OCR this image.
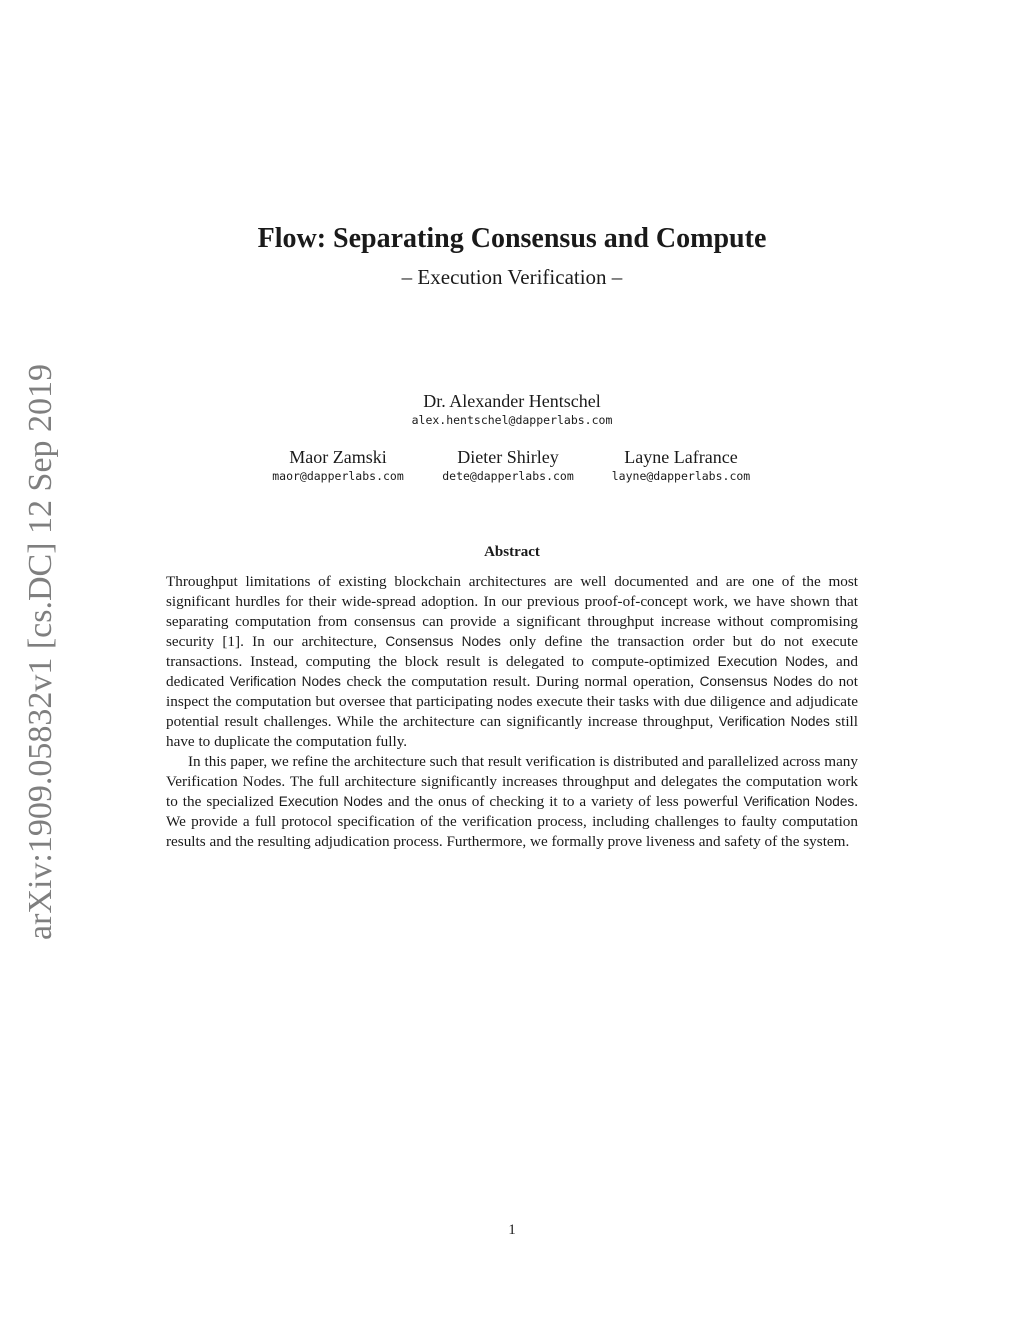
arXiv:1909.05832v1 [cs.DC] 12 Sep 2019
Flow: Separating Consensus and Compute
– Execution Verification –
Dr. Alexander Hentschel
alex.hentschel@dapperlabs.com
Maor Zamski
maor@dapperlabs.com
Dieter Shirley
dete@dapperlabs.com
Layne Lafrance
layne@dapperlabs.com
Abstract

Throughput limitations of existing blockchain architectures are well documented and are one of the most significant hurdles for their wide-spread adoption. In our previous proof-of-concept work, we have shown that separating computation from consensus can provide a significant throughput increase without compromising security [1]. In our architecture, Consensus Nodes only define the transaction order but do not execute transactions. Instead, computing the block result is delegated to compute-optimized Execution Nodes, and dedicated Verification Nodes check the computation result. During normal operation, Consensus Nodes do not inspect the computation but oversee that participating nodes execute their tasks with due diligence and adjudicate potential result challenges. While the architecture can significantly increase throughput, Verification Nodes still have to duplicate the computation fully.

In this paper, we refine the architecture such that result verification is distributed and parallelized across many Verification Nodes. The full architecture significantly increases throughput and delegates the computation work to the specialized Execution Nodes and the onus of checking it to a variety of less powerful Verification Nodes. We provide a full protocol specification of the verification process, including challenges to faulty computation results and the resulting adjudication process. Furthermore, we formally prove liveness and safety of the system.

1
